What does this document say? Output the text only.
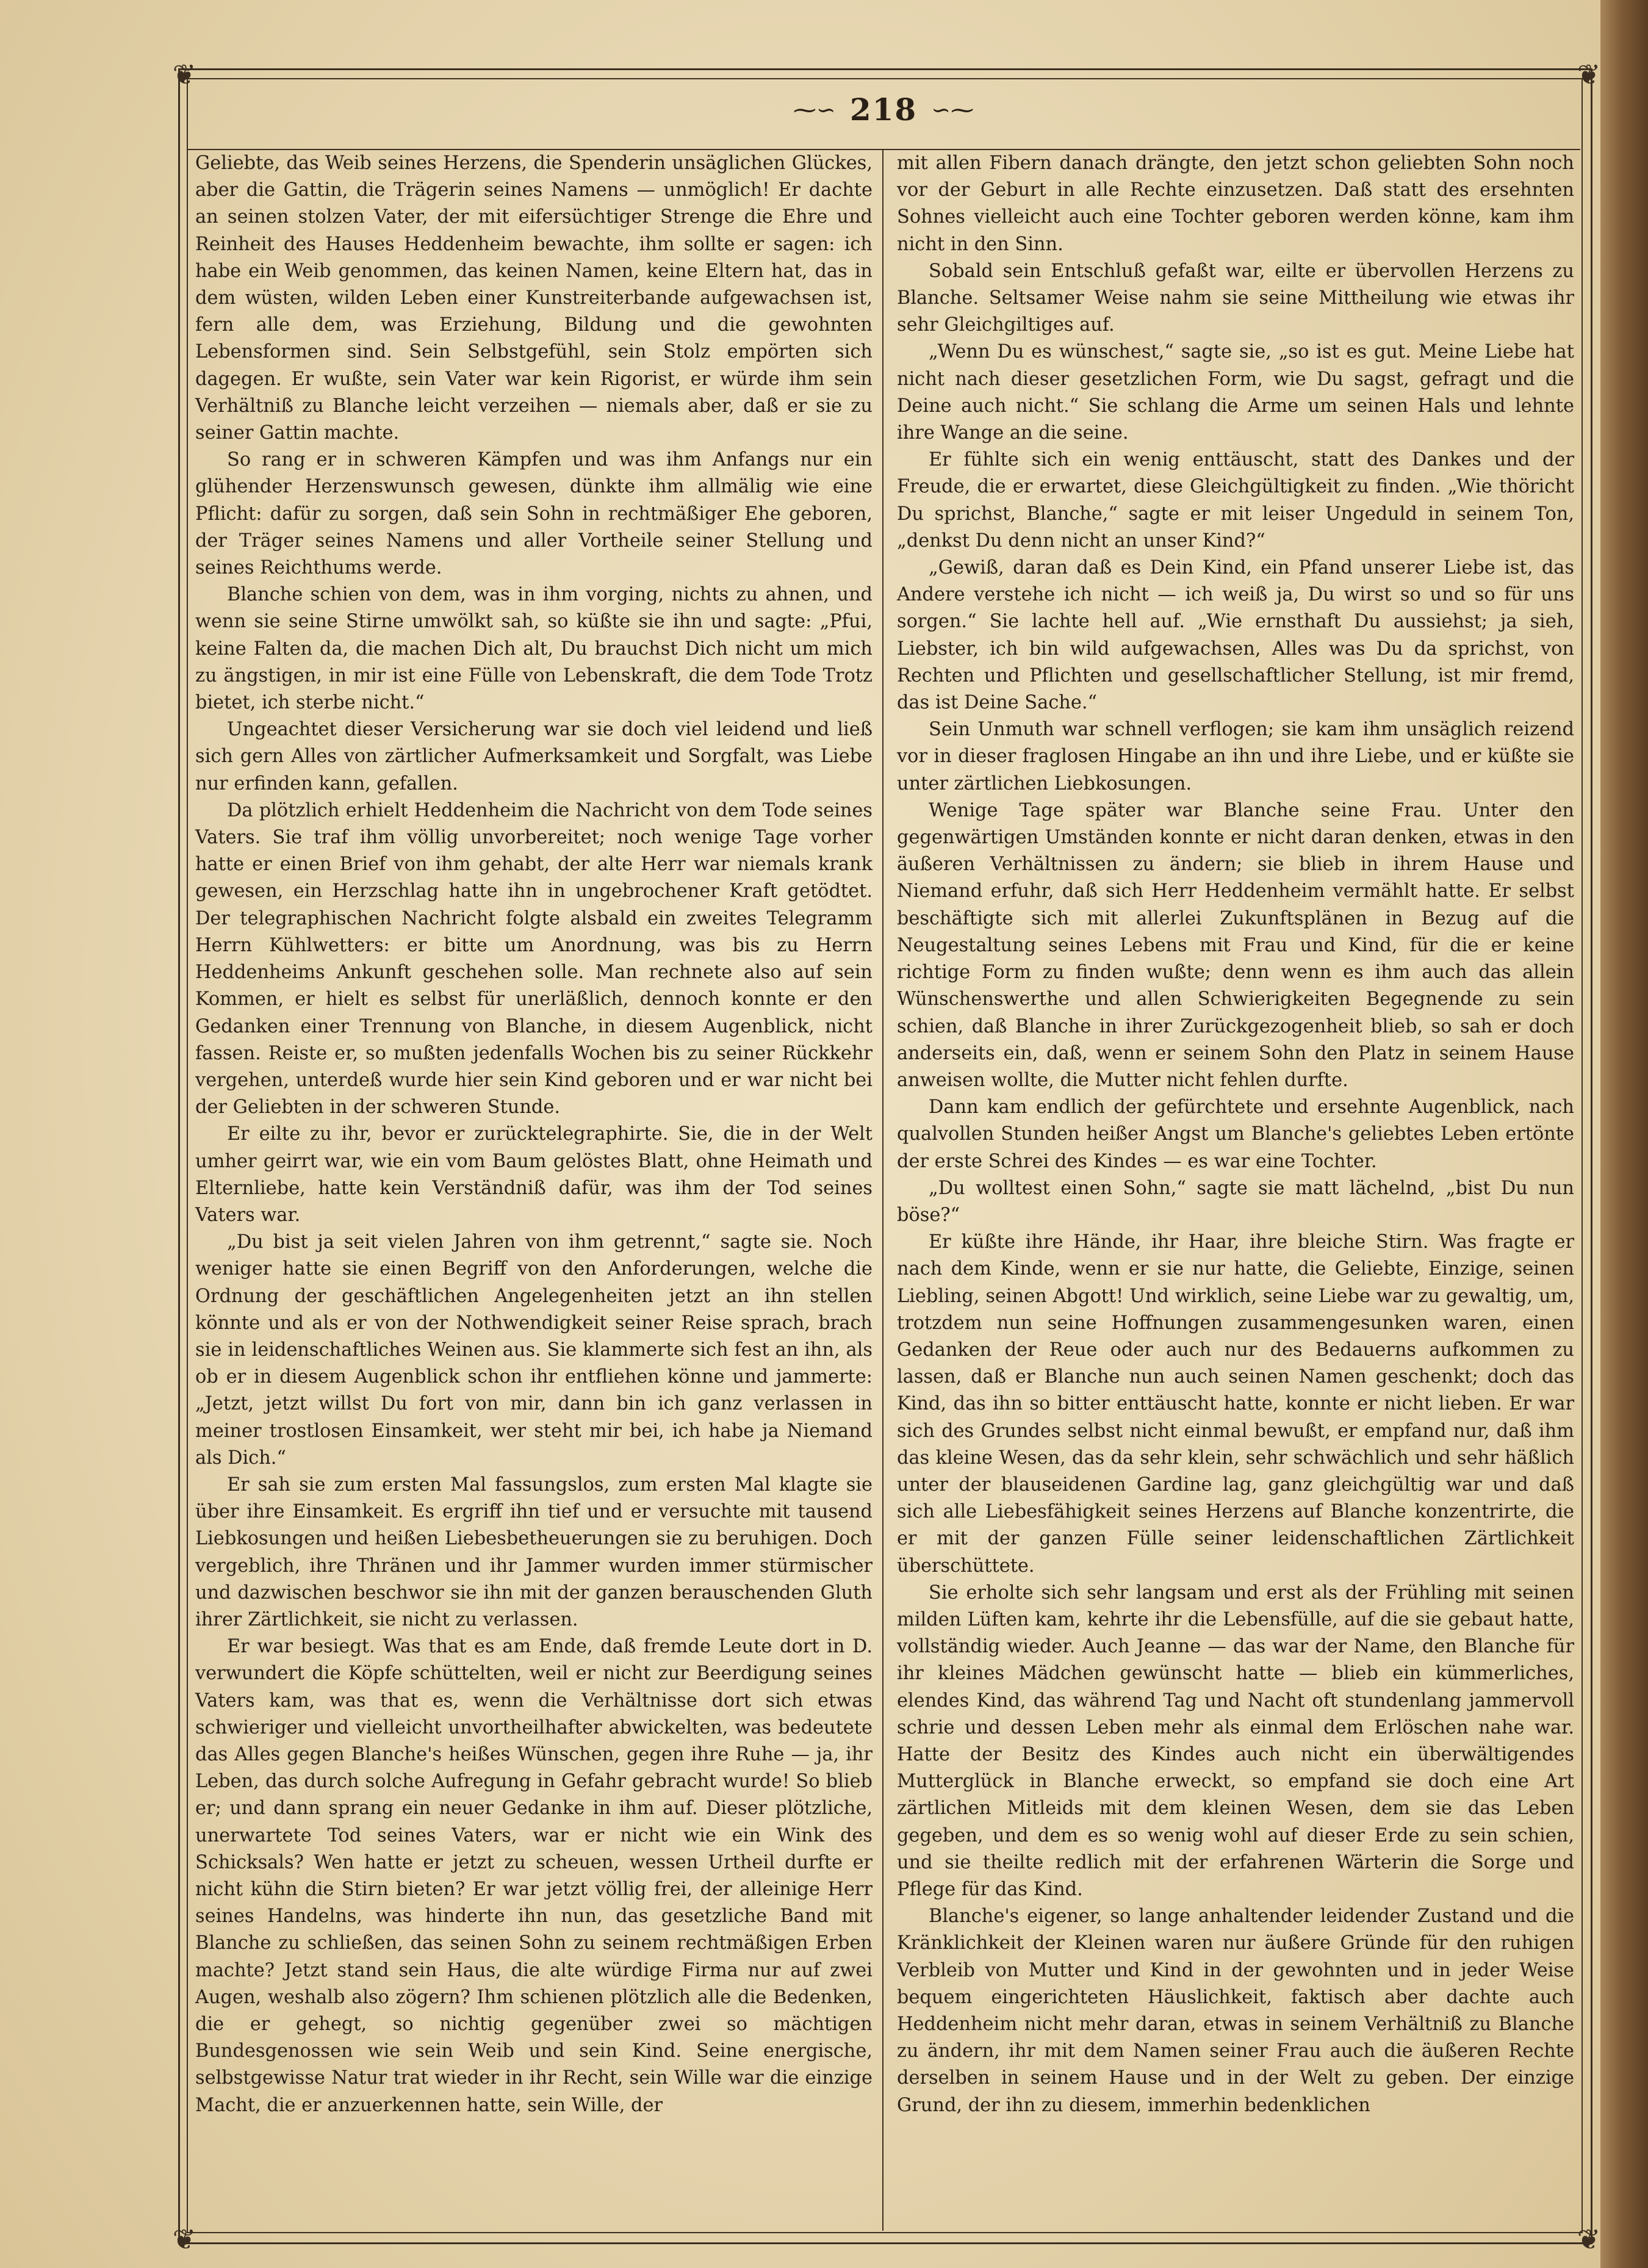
❦	❦
❦	❦
⁓∽ 218 ∽⁓

Geliebte, das Weib seines Herzens, die Spenderin unsäglichen Glückes, aber die Gattin, die Trägerin seines Namens — unmöglich! Er dachte an seinen stolzen Vater, der mit eifersüchtiger Strenge die Ehre und Reinheit des Hauses Heddenheim bewachte, ihm sollte er sagen: ich habe ein Weib genommen, das keinen Namen, keine Eltern hat, das in dem wüsten, wilden Leben einer Kunstreiterbande aufgewachsen ist, fern alle dem, was Erziehung, Bildung und die gewohnten Lebensformen sind. Sein Selbstgefühl, sein Stolz empörten sich dagegen. Er wußte, sein Vater war kein Rigorist, er würde ihm sein Verhältniß zu Blanche leicht verzeihen — niemals aber, daß er sie zu seiner Gattin machte.

So rang er in schweren Kämpfen und was ihm Anfangs nur ein glühender Herzenswunsch gewesen, dünkte ihm allmälig wie eine Pflicht: dafür zu sorgen, daß sein Sohn in rechtmäßiger Ehe geboren, der Träger seines Namens und aller Vortheile seiner Stellung und seines Reichthums werde.

Blanche schien von dem, was in ihm vorging, nichts zu ahnen, und wenn sie seine Stirne umwölkt sah, so küßte sie ihn und sagte: „Pfui, keine Falten da, die machen Dich alt, Du brauchst Dich nicht um mich zu ängstigen, in mir ist eine Fülle von Lebenskraft, die dem Tode Trotz bietet, ich sterbe nicht.“

Ungeachtet dieser Versicherung war sie doch viel leidend und ließ sich gern Alles von zärtlicher Aufmerksamkeit und Sorgfalt, was Liebe nur erfinden kann, gefallen.

Da plötzlich erhielt Heddenheim die Nachricht von dem Tode seines Vaters. Sie traf ihm völlig unvorbereitet; noch wenige Tage vorher hatte er einen Brief von ihm gehabt, der alte Herr war niemals krank gewesen, ein Herzschlag hatte ihn in ungebrochener Kraft getödtet. Der telegraphischen Nachricht folgte alsbald ein zweites Telegramm Herrn Kühlwetters: er bitte um Anordnung, was bis zu Herrn Heddenheims Ankunft geschehen solle. Man rechnete also auf sein Kommen, er hielt es selbst für unerläßlich, dennoch konnte er den Gedanken einer Trennung von Blanche, in diesem Augenblick, nicht fassen. Reiste er, so mußten jedenfalls Wochen bis zu seiner Rückkehr vergehen, unterdeß wurde hier sein Kind geboren und er war nicht bei der Geliebten in der schweren Stunde.

Er eilte zu ihr, bevor er zurücktelegraphirte. Sie, die in der Welt umher geirrt war, wie ein vom Baum gelöstes Blatt, ohne Heimath und Elternliebe, hatte kein Verständniß dafür, was ihm der Tod seines Vaters war.

„Du bist ja seit vielen Jahren von ihm getrennt,“ sagte sie. Noch weniger hatte sie einen Begriff von den Anforderungen, welche die Ordnung der geschäftlichen Angelegenheiten jetzt an ihn stellen könnte und als er von der Nothwendigkeit seiner Reise sprach, brach sie in leidenschaftliches Weinen aus. Sie klammerte sich fest an ihn, als ob er in diesem Augenblick schon ihr entfliehen könne und jammerte: „Jetzt, jetzt willst Du fort von mir, dann bin ich ganz verlassen in meiner trostlosen Einsamkeit, wer steht mir bei, ich habe ja Niemand als Dich.“

Er sah sie zum ersten Mal fassungslos, zum ersten Mal klagte sie über ihre Einsamkeit. Es ergriff ihn tief und er versuchte mit tausend Liebkosungen und heißen Liebesbetheuerungen sie zu beruhigen. Doch vergeblich, ihre Thränen und ihr Jammer wurden immer stürmischer und dazwischen beschwor sie ihn mit der ganzen berauschenden Gluth ihrer Zärtlichkeit, sie nicht zu verlassen.

Er war besiegt. Was that es am Ende, daß fremde Leute dort in D. verwundert die Köpfe schüttelten, weil er nicht zur Beerdigung seines Vaters kam, was that es, wenn die Verhältnisse dort sich etwas schwieriger und vielleicht unvortheilhafter abwickelten, was bedeutete das Alles gegen Blanche's heißes Wünschen, gegen ihre Ruhe — ja, ihr Leben, das durch solche Aufregung in Gefahr gebracht wurde! So blieb er; und dann sprang ein neuer Gedanke in ihm auf. Dieser plötzliche, unerwartete Tod seines Vaters, war er nicht wie ein Wink des Schicksals? Wen hatte er jetzt zu scheuen, wessen Urtheil durfte er nicht kühn die Stirn bieten? Er war jetzt völlig frei, der alleinige Herr seines Handelns, was hinderte ihn nun, das gesetzliche Band mit Blanche zu schließen, das seinen Sohn zu seinem rechtmäßigen Erben machte? Jetzt stand sein Haus, die alte würdige Firma nur auf zwei Augen, weshalb also zögern? Ihm schienen plötzlich alle die Bedenken, die er gehegt, so nichtig gegenüber zwei so mächtigen Bundesgenossen wie sein Weib und sein Kind. Seine energische, selbstgewisse Natur trat wieder in ihr Recht, sein Wille war die einzige Macht, die er anzuerkennen hatte, sein Wille, der

mit allen Fibern danach drängte, den jetzt schon geliebten Sohn noch vor der Geburt in alle Rechte einzusetzen. Daß statt des ersehnten Sohnes vielleicht auch eine Tochter geboren werden könne, kam ihm nicht in den Sinn.

Sobald sein Entschluß gefaßt war, eilte er übervollen Herzens zu Blanche. Seltsamer Weise nahm sie seine Mittheilung wie etwas ihr sehr Gleichgiltiges auf.

„Wenn Du es wünschest,“ sagte sie, „so ist es gut. Meine Liebe hat nicht nach dieser gesetzlichen Form, wie Du sagst, gefragt und die Deine auch nicht.“ Sie schlang die Arme um seinen Hals und lehnte ihre Wange an die seine.

Er fühlte sich ein wenig enttäuscht, statt des Dankes und der Freude, die er erwartet, diese Gleichgültigkeit zu finden. „Wie thöricht Du sprichst, Blanche,“ sagte er mit leiser Ungeduld in seinem Ton, „denkst Du denn nicht an unser Kind?“

„Gewiß, daran daß es Dein Kind, ein Pfand unserer Liebe ist, das Andere verstehe ich nicht — ich weiß ja, Du wirst so und so für uns sorgen.“ Sie lachte hell auf. „Wie ernsthaft Du aussiehst; ja sieh, Liebster, ich bin wild aufgewachsen, Alles was Du da sprichst, von Rechten und Pflichten und gesellschaftlicher Stellung, ist mir fremd, das ist Deine Sache.“

Sein Unmuth war schnell verflogen; sie kam ihm unsäglich reizend vor in dieser fraglosen Hingabe an ihn und ihre Liebe, und er küßte sie unter zärtlichen Liebkosungen.

Wenige Tage später war Blanche seine Frau. Unter den gegenwärtigen Umständen konnte er nicht daran denken, etwas in den äußeren Verhältnissen zu ändern; sie blieb in ihrem Hause und Niemand erfuhr, daß sich Herr Heddenheim vermählt hatte. Er selbst beschäftigte sich mit allerlei Zukunftsplänen in Bezug auf die Neugestaltung seines Lebens mit Frau und Kind, für die er keine richtige Form zu finden wußte; denn wenn es ihm auch das allein Wünschenswerthe und allen Schwierigkeiten Begegnende zu sein schien, daß Blanche in ihrer Zurückgezogenheit blieb, so sah er doch anderseits ein, daß, wenn er seinem Sohn den Platz in seinem Hause anweisen wollte, die Mutter nicht fehlen durfte.

Dann kam endlich der gefürchtete und ersehnte Augenblick, nach qualvollen Stunden heißer Angst um Blanche's geliebtes Leben ertönte der erste Schrei des Kindes — es war eine Tochter.

„Du wolltest einen Sohn,“ sagte sie matt lächelnd, „bist Du nun böse?“

Er küßte ihre Hände, ihr Haar, ihre bleiche Stirn. Was fragte er nach dem Kinde, wenn er sie nur hatte, die Geliebte, Einzige, seinen Liebling, seinen Abgott! Und wirklich, seine Liebe war zu gewaltig, um, trotzdem nun seine Hoffnungen zusammengesunken waren, einen Gedanken der Reue oder auch nur des Bedauerns aufkommen zu lassen, daß er Blanche nun auch seinen Namen geschenkt; doch das Kind, das ihn so bitter enttäuscht hatte, konnte er nicht lieben. Er war sich des Grundes selbst nicht einmal bewußt, er empfand nur, daß ihm das kleine Wesen, das da sehr klein, sehr schwächlich und sehr häßlich unter der blauseidenen Gardine lag, ganz gleichgültig war und daß sich alle Liebesfähigkeit seines Herzens auf Blanche konzentrirte, die er mit der ganzen Fülle seiner leidenschaftlichen Zärtlichkeit überschüttete.

Sie erholte sich sehr langsam und erst als der Frühling mit seinen milden Lüften kam, kehrte ihr die Lebensfülle, auf die sie gebaut hatte, vollständig wieder. Auch Jeanne — das war der Name, den Blanche für ihr kleines Mädchen gewünscht hatte — blieb ein kümmerliches, elendes Kind, das während Tag und Nacht oft stundenlang jammervoll schrie und dessen Leben mehr als einmal dem Erlöschen nahe war. Hatte der Besitz des Kindes auch nicht ein überwältigendes Mutterglück in Blanche erweckt, so empfand sie doch eine Art zärtlichen Mitleids mit dem kleinen Wesen, dem sie das Leben gegeben, und dem es so wenig wohl auf dieser Erde zu sein schien, und sie theilte redlich mit der erfahrenen Wärterin die Sorge und Pflege für das Kind.

Blanche's eigener, so lange anhaltender leidender Zustand und die Kränklichkeit der Kleinen waren nur äußere Gründe für den ruhigen Verbleib von Mutter und Kind in der gewohnten und in jeder Weise bequem eingerichteten Häuslichkeit, faktisch aber dachte auch Heddenheim nicht mehr daran, etwas in seinem Verhältniß zu Blanche zu ändern, ihr mit dem Namen seiner Frau auch die äußeren Rechte derselben in seinem Hause und in der Welt zu geben. Der einzige Grund, der ihn zu diesem, immerhin bedenklichen
